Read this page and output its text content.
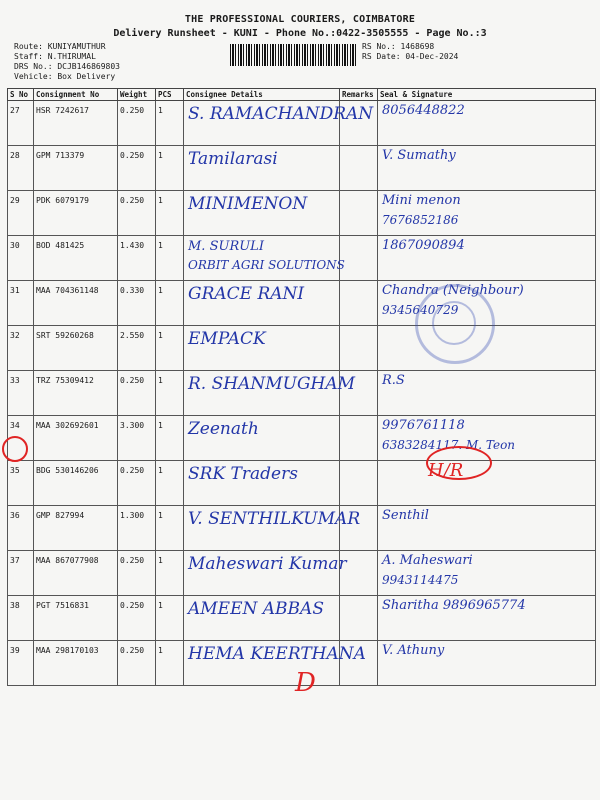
THE PROFESSIONAL COURIERS, COIMBATORE
Delivery Runsheet - KUNI - Phone No.:0422-3505555 - Page No.:3
Route: KUNIYAMUTHUR
Staff: N.THIRUMAL
DRS No.: DCJB146869803
Vehicle: Box Delivery
RS No.: 1468698
RS Date: 04-Dec-2024
S No	Consignment No	Weight	PCS	Consignee Details	Remarks	Seal & Signature
27	HSR 7242617	0.250	1	S. RAMACHANDRAN		8056448822

28	GPM 713379	0.250	1	Tamilarasi		V. Sumathy

29	PDK 6079179	0.250	1	MINIMENON		Mini menon
7676852186

30	BOD 481425	1.430	1	M. SURULI
ORBIT AGRI SOLUTIONS		1867090894

31	MAA 704361148	0.330	1	GRACE RANI		Chandra (Neighbour)
9345640729

32	SRT 59260268	2.550	1	EMPACK		

33	TRZ 75309412	0.250	1	R. SHANMUGHAM		R.S

34	MAA 302692601	3.300	1	Zeenath		9976761118
6383284117. M. Teon

35	BDG 530146206	0.250	1	SRK Traders		H/R

36	GMP 827994	1.300	1	V. SENTHILKUMAR		Senthil

37	MAA 867077908	0.250	1	Maheswari Kumar		A. Maheswari
9943114475

38	PGT 7516831	0.250	1	AMEEN ABBAS		Sharitha 9896965774

39	MAA 298170103	0.250	1	HEMA KEERTHANA		V. Athuny
D
